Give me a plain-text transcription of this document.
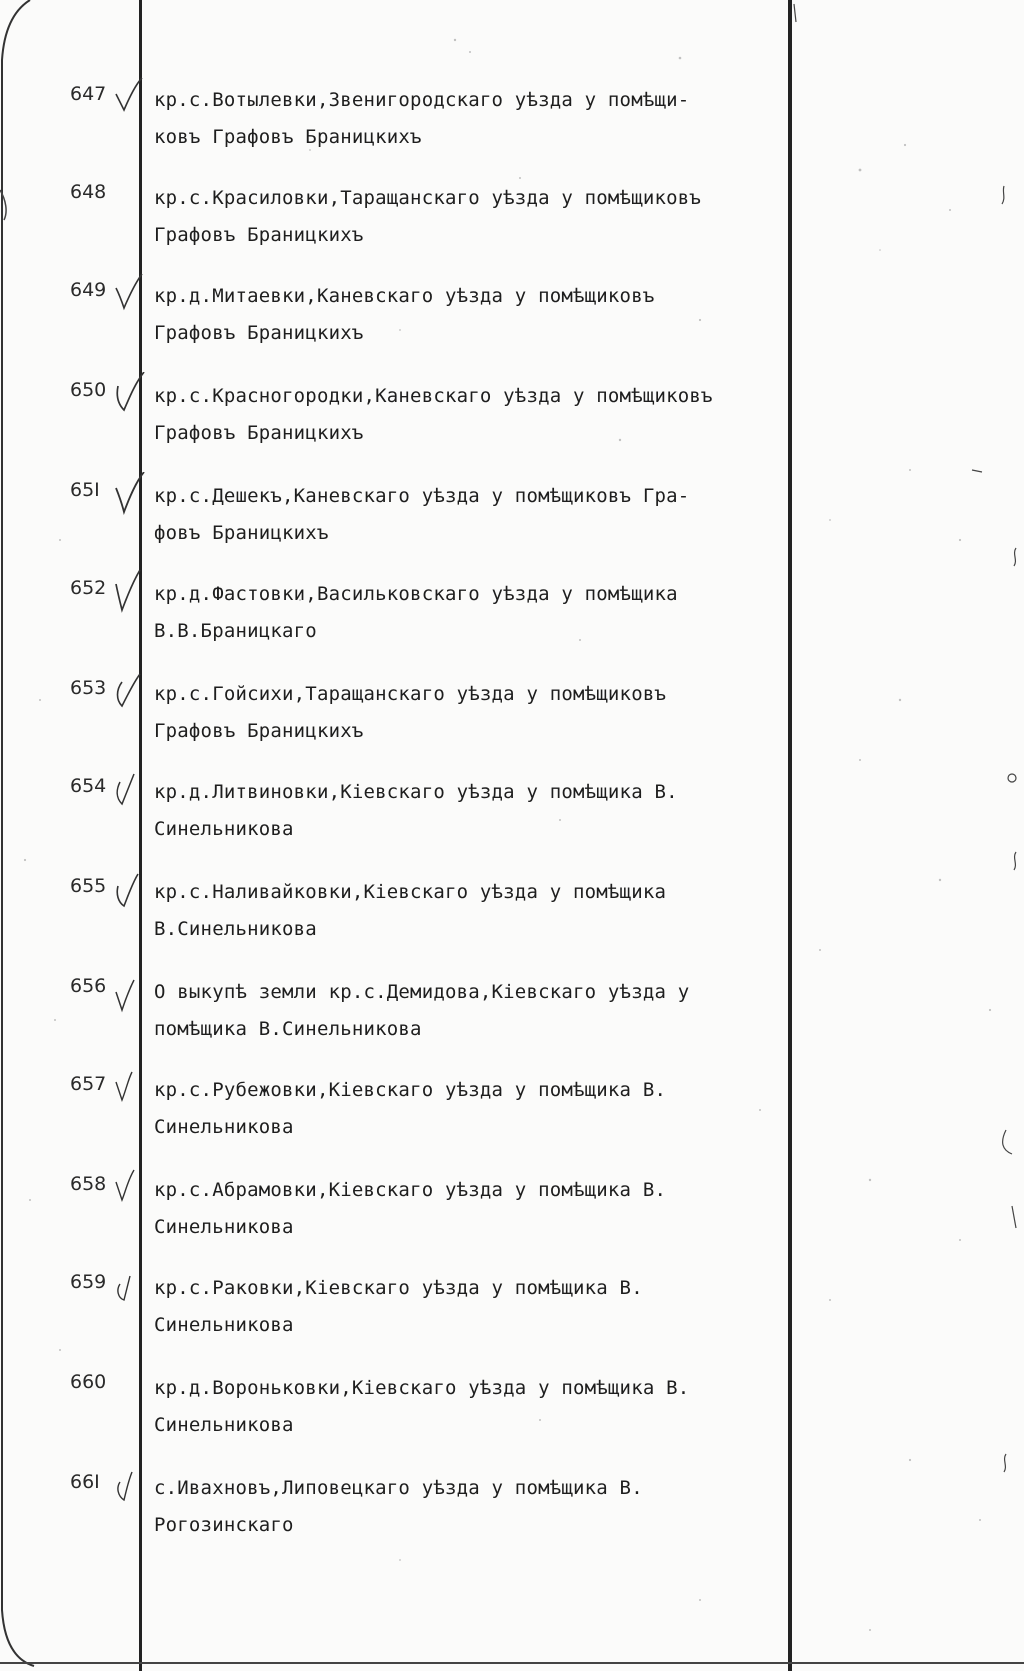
647	кр.с.Вотылевки,Звенигородскаго уѣзда у помѣщи-
ковъ Графовъ Браницкихъ
648	кр.с.Красиловки,Таращанскаго уѣзда у помѣщиковъ
Графовъ Браницкихъ
649	кр.д.Митаевки,Каневскаго уѣзда у помѣщиковъ
Графовъ Браницкихъ
650	кр.с.Красногородки,Каневскаго уѣзда у помѣщиковъ
Графовъ Браницкихъ
65I	кр.с.Дешекъ,Каневскаго уѣзда у помѣщиковъ Гра-
фовъ Браницкихъ
652	кр.д.Фастовки,Васильковскаго уѣзда у помѣщика
В.В.Браницкаго
653	кр.с.Гойсихи,Таращанскаго уѣзда у помѣщиковъ
Графовъ Браницкихъ
654	кр.д.Литвиновки,Кіевскаго уѣзда у помѣщика В.
Синельникова
655	кр.с.Наливайковки,Кіевскаго уѣзда у помѣщика
В.Синельникова
656	О выкупѣ земли кр.с.Демидова,Кіевскаго уѣзда у
помѣщика В.Синельникова
657	кр.с.Рубежовки,Кіевскаго уѣзда у помѣщика В.
Синельникова
658	кр.с.Абрамовки,Кіевскаго уѣзда у помѣщика В.
Синельникова
659	кр.с.Раковки,Кіевскаго уѣзда у помѣщика В.
Синельникова
660	кр.д.Вороньковки,Кіевскаго уѣзда у помѣщика В.
Синельникова
66I	с.Ивахновъ,Липовецкаго уѣзда у помѣщика В.
Рогозинскаго
